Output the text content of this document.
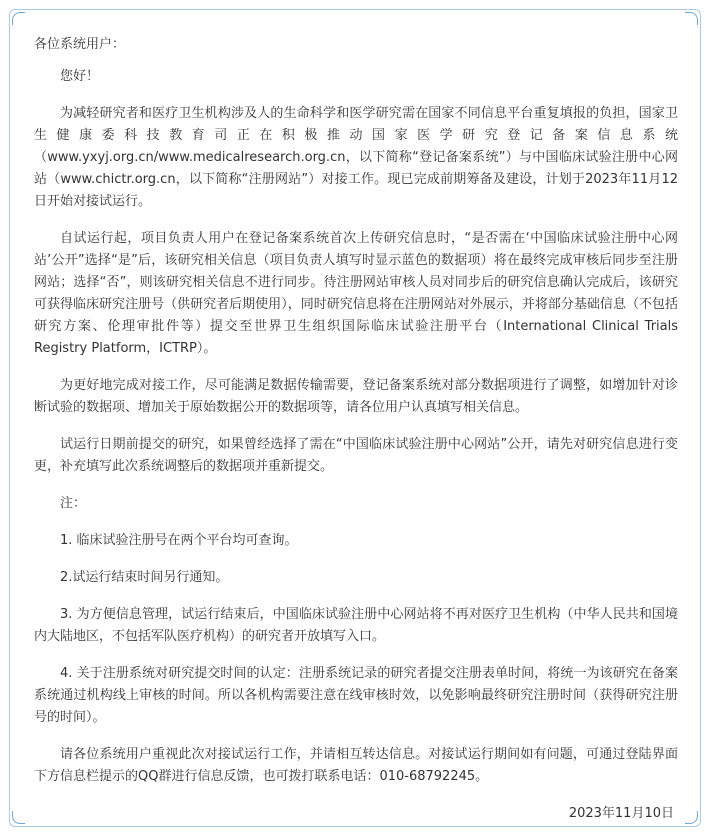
各位系统用户：

您好！

为减轻研究者和医疗卫生机构涉及人的生命科学和医学研究需在国家不同信息平台重复填报的负担，国家卫生健康委科技教育司正在积极推动国家医学研究登记备案信息系统（www.yxyj.org.cn/www.medicalresearch.org.cn，以下简称“登记备案系统”）与中国临床试验注册中心网站（www.chictr.org.cn，以下简称“注册网站”）对接工作。现已完成前期筹备及建设，计划于2023年11月12日开始对接试运行。

自试运行起，项目负责人用户在登记备案系统首次上传研究信息时，“是否需在‘中国临床试验注册中心网站’公开”选择“是”后，该研究相关信息（项目负责人填写时显示蓝色的数据项）将在最终完成审核后同步至注册网站；选择“否”，则该研究相关信息不进行同步。待注册网站审核人员对同步后的研究信息确认完成后，该研究可获得临床研究注册号（供研究者后期使用），同时研究信息将在注册网站对外展示，并将部分基础信息（不包括研究方案、伦理审批件等）提交至世界卫生组织国际临床试验注册平台（International Clinical Trials Registry Platform，ICTRP）。

为更好地完成对接工作，尽可能满足数据传输需要，登记备案系统对部分数据项进行了调整，如增加针对诊断试验的数据项、增加关于原始数据公开的数据项等，请各位用户认真填写相关信息。

试运行日期前提交的研究，如果曾经选择了需在“中国临床试验注册中心网站”公开，请先对研究信息进行变更，补充填写此次系统调整后的数据项并重新提交。

注：

1. 临床试验注册号在两个平台均可查询。

2.试运行结束时间另行通知。

3. 为方便信息管理，试运行结束后，中国临床试验注册中心网站将不再对医疗卫生机构（中华人民共和国境内大陆地区，不包括军队医疗机构）的研究者开放填写入口。

4. 关于注册系统对研究提交时间的认定：注册系统记录的研究者提交注册表单时间，将统一为该研究在备案系统通过机构线上审核的时间。所以各机构需要注意在线审核时效，以免影响最终研究注册时间（获得研究注册号的时间）。

请各位系统用户重视此次对接试运行工作，并请相互转达信息。对接试运行期间如有问题，可通过登陆界面下方信息栏提示的QQ群进行信息反馈，也可拨打联系电话：010-68792245。

2023年11月10日
